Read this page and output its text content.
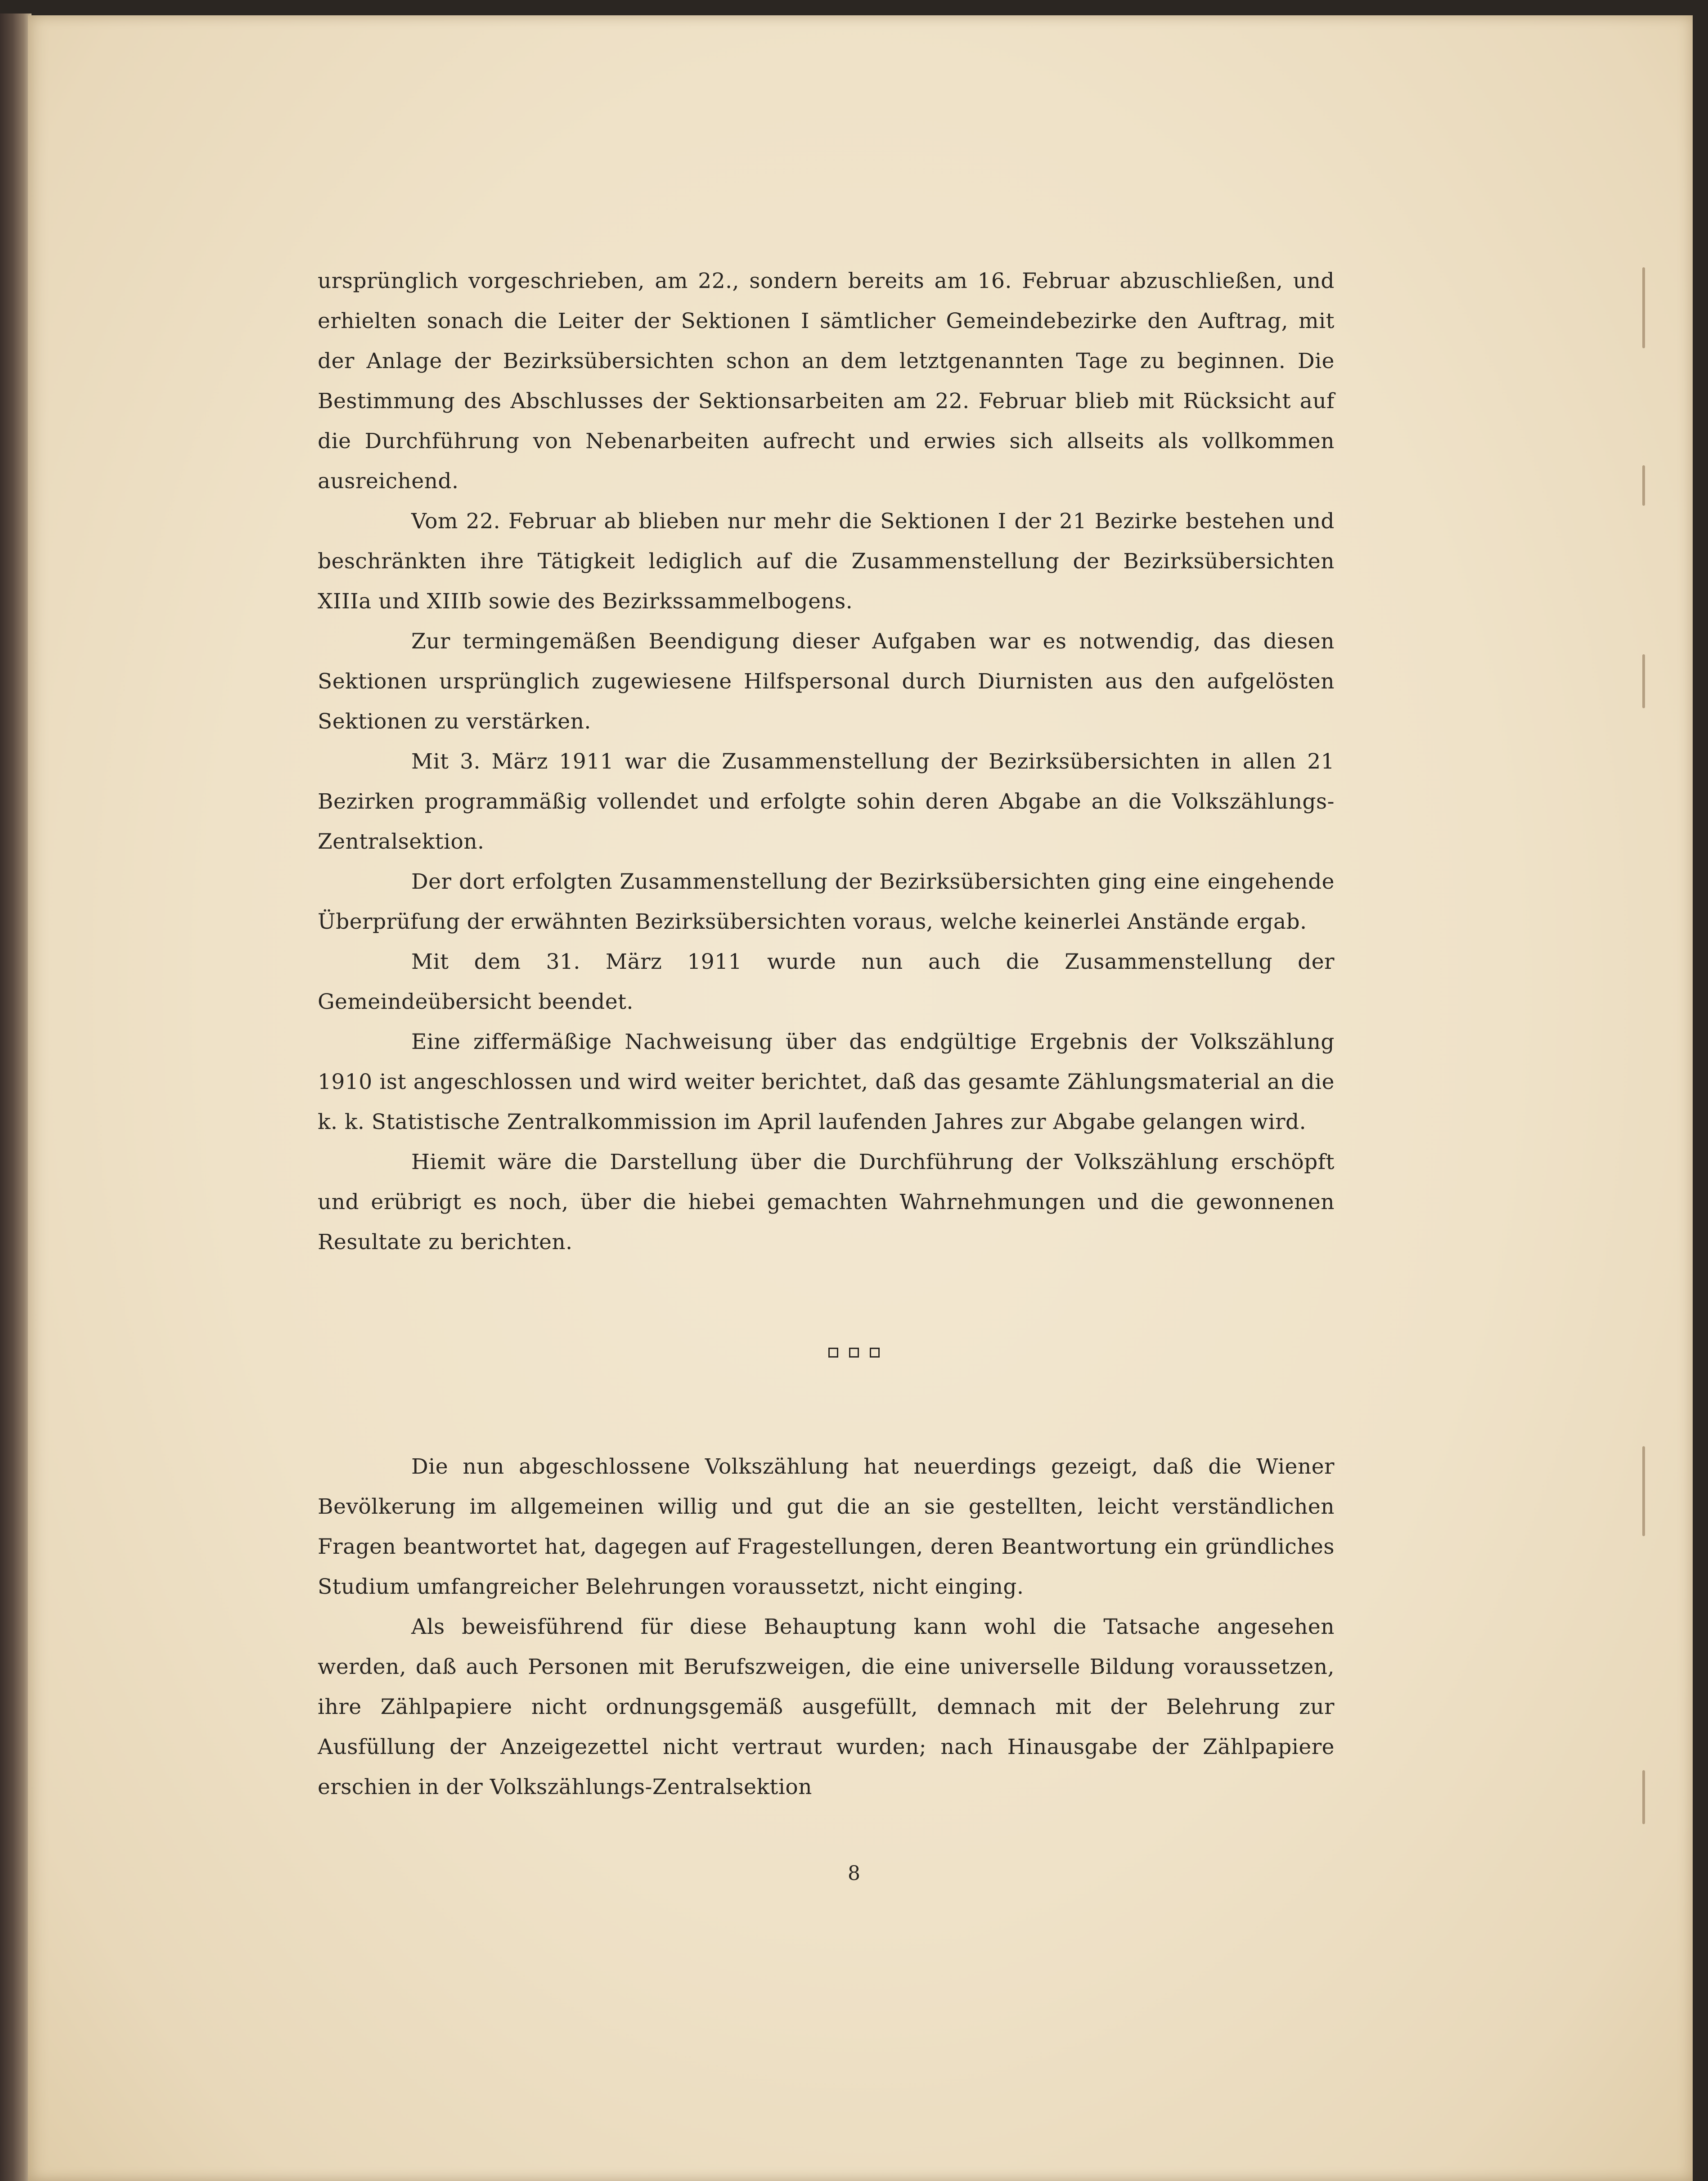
ursprünglich vorgeschrieben, am 22., sondern bereits am 16. Februar abzuschließen, und erhielten sonach die Leiter der Sektionen I sämtlicher Gemeindebezirke den Auftrag, mit der Anlage der Bezirksübersichten schon an dem letztgenannten Tage zu beginnen. Die Bestimmung des Abschlusses der Sektionsarbeiten am 22. Februar blieb mit Rücksicht auf die Durchführung von Nebenarbeiten aufrecht und erwies sich allseits als vollkommen ausreichend.

Vom 22. Februar ab blieben nur mehr die Sektionen I der 21 Bezirke bestehen und beschränkten ihre Tätigkeit lediglich auf die Zusammenstellung der Bezirksübersichten XIIIa und XIIIb sowie des Bezirkssammelbogens.

Zur termingemäßen Beendigung dieser Aufgaben war es notwendig, das diesen Sektionen ursprünglich zugewiesene Hilfspersonal durch Diurnisten aus den aufgelösten Sektionen zu verstärken.

Mit 3. März 1911 war die Zusammenstellung der Bezirksübersichten in allen 21 Bezirken programmäßig vollendet und erfolgte sohin deren Abgabe an die Volkszählungs-Zentralsektion.

Der dort erfolgten Zusammenstellung der Bezirksübersichten ging eine eingehende Überprüfung der erwähnten Bezirksübersichten voraus, welche keinerlei Anstände ergab.

Mit dem 31. März 1911 wurde nun auch die Zusammenstellung der Gemeindeübersicht beendet.

Eine ziffermäßige Nachweisung über das endgültige Ergebnis der Volkszählung 1910 ist angeschlossen und wird weiter berichtet, daß das gesamte Zählungsmaterial an die k. k. Statistische Zentralkommission im April laufenden Jahres zur Abgabe gelangen wird.

Hiemit wäre die Darstellung über die Durchführung der Volkszählung erschöpft und erübrigt es noch, über die hiebei gemachten Wahrnehmungen und die gewonnenen Resultate zu berichten.

Die nun abgeschlossene Volkszählung hat neuerdings gezeigt, daß die Wiener Bevölkerung im allgemeinen willig und gut die an sie gestellten, leicht verständlichen Fragen beantwortet hat, dagegen auf Fragestellungen, deren Beantwortung ein gründliches Studium umfangreicher Belehrungen voraussetzt, nicht einging.

Als beweisführend für diese Behauptung kann wohl die Tatsache angesehen werden, daß auch Personen mit Berufszweigen, die eine universelle Bildung voraussetzen, ihre Zählpapiere nicht ordnungsgemäß ausgefüllt, demnach mit der Belehrung zur Ausfüllung der Anzeigezettel nicht vertraut wurden; nach Hinausgabe der Zählpapiere erschien in der Volkszählungs-Zentralsektion

8
